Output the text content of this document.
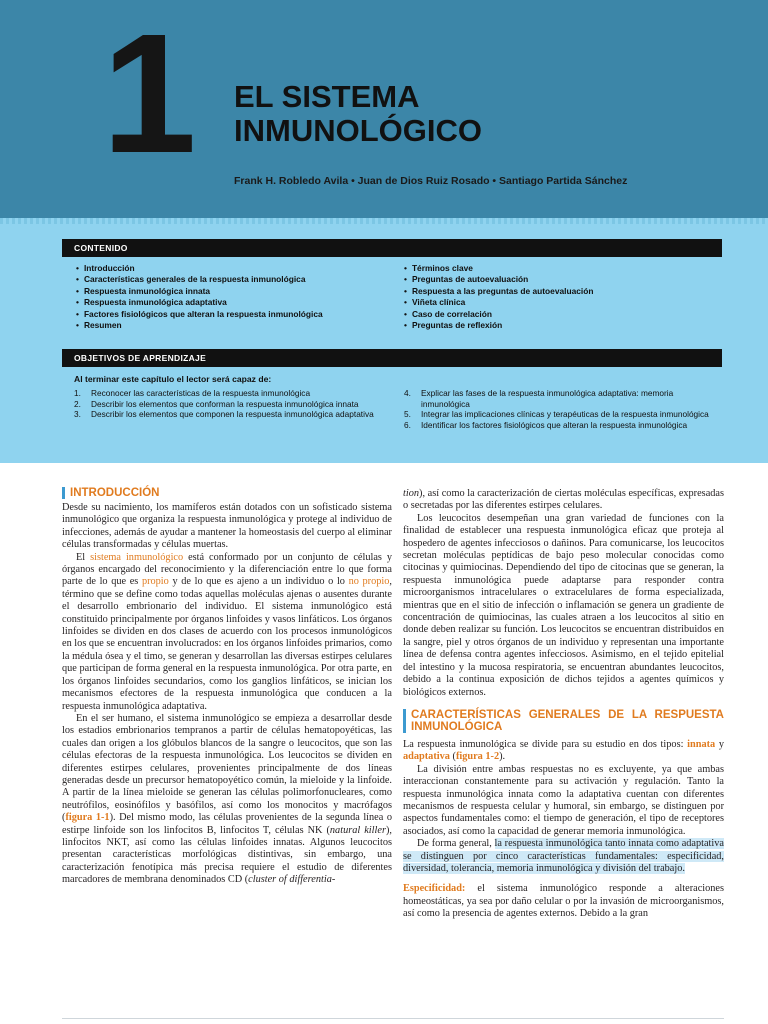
1 EL SISTEMA
INMUNOLÓGICO
Frank H. Robledo Avila • Juan de Dios Ruiz Rosado • Santiago Partida Sánchez
CONTENIDO
• Introducción
• Características generales de la respuesta inmunológica
• Respuesta inmunológica innata
• Respuesta inmunológica adaptativa
• Factores fisiológicos que alteran la respuesta inmunológica
• Resumen
• Términos clave
• Preguntas de autoevaluación
• Respuesta a las preguntas de autoevaluación
• Viñeta clínica
• Caso de correlación
• Preguntas de reflexión
OBJETIVOS DE APRENDIZAJE
Al terminar este capítulo el lector será capaz de:
1. Reconocer las características de la respuesta inmunológica
2. Describir los elementos que conforman la respuesta inmunológica innata
3. Describir los elementos que componen la respuesta inmunológica adaptativa
4. Explicar las fases de la respuesta inmunológica adaptativa: memoria inmunológica
5. Integrar las implicaciones clínicas y terapéuticas de la respuesta inmunológica
6. Identificar los factores fisiológicos que alteran la respuesta inmunológica
INTRODUCCIÓN

Desde su nacimiento, los mamíferos están dotados con un sofisticado sistema inmunológico que organiza la respuesta inmunológica y protege al individuo de infecciones, además de ayudar a mantener la homeostasis del cuerpo al eliminar células transformadas y células muertas.

El sistema inmunológico está conformado por un conjunto de células y órganos encargado del reconocimiento y la diferenciación entre lo que forma parte de lo que es propio y de lo que es ajeno a un individuo o lo no propio, término que se define como todas aquellas moléculas ajenas o ausentes durante el desarrollo embrionario del individuo. El sistema inmunológico está constituido principalmente por órganos linfoides y vasos linfáticos. Los órganos linfoides se dividen en dos clases de acuerdo con los procesos inmunológicos en los que se encuentran involucrados: en los órganos linfoides primarios, como la médula ósea y el timo, se generan y desarrollan las diversas estirpes celulares que participan de forma general en la respuesta inmunológica. Por otra parte, en los órganos linfoides secundarios, como los ganglios linfáticos, se inician los mecanismos efectores de la respuesta inmunológica que conducen a la respuesta inmunológica adaptativa.

En el ser humano, el sistema inmunológico se empieza a desarrollar desde los estadios embrionarios tempranos a partir de células hematopoyéticas, las cuales dan origen a los glóbulos blancos de la sangre o leucocitos, que son las células efectoras de la respuesta inmunológica. Los leucocitos se dividen en diferentes estirpes celulares, provenientes principalmente de dos líneas generadas desde un precursor hematopoyético común, la mieloide y la linfoide. A partir de la línea mieloide se generan las células polimorfonucleares, como neutrófilos, eosinófilos y basófilos, así como los monocitos y macrófagos (figura 1-1). Del mismo modo, las células provenientes de la segunda línea o estirpe linfoide son los linfocitos B, linfocitos T, células NK (natural killer), linfocitos NKT, así como las células linfoides innatas. Algunos leucocitos presentan características morfológicas distintivas, sin embargo, una caracterización fenotípica más precisa requiere el estudio de diferentes marcadores de membrana denominados CD (cluster of differentia-

tion), así como la caracterización de ciertas moléculas específicas, expresadas o secretadas por las diferentes estirpes celulares.

Los leucocitos desempeñan una gran variedad de funciones con la finalidad de establecer una respuesta inmunológica eficaz que proteja al hospedero de agentes infecciosos o dañinos. Para comunicarse, los leucocitos secretan moléculas peptídicas de bajo peso molecular conocidas como citocinas y quimiocinas. Dependiendo del tipo de citocinas que se generan, la respuesta inmunológica puede adaptarse para responder contra microorganismos intracelulares o extracelulares de forma especializada, mientras que en el sitio de infección o inflamación se genera un gradiente de concentración de quimiocinas, las cuales atraen a los leucocitos al sitio en donde deben realizar su función. Los leucocitos se encuentran distribuidos en la sangre, piel y otros órganos de un individuo y representan una importante línea de defensa contra agentes infecciosos. Asimismo, en el tejido epitelial del intestino y la mucosa respiratoria, se encuentran abundantes leucocitos, debido a la continua exposición de dichos tejidos a agentes químicos y biológicos externos.

CARACTERÍSTICAS GENERALES DE LA RESPUESTA INMUNOLÓGICA

La respuesta inmunológica se divide para su estudio en dos tipos: innata y adaptativa (figura 1-2).

La división entre ambas respuestas no es excluyente, ya que ambas interaccionan constantemente para su activación y regulación. Tanto la respuesta inmunológica innata como la adaptativa cuentan con diferentes mecanismos de respuesta celular y humoral, sin embargo, se distinguen por aspectos fundamentales como: el tiempo de generación, el tipo de receptores asociados, así como la capacidad de generar memoria inmunológica.

De forma general, la respuesta inmunológica tanto innata como adaptativa se distinguen por cinco características fundamentales: especificidad, diversidad, tolerancia, memoria inmunológica y división del trabajo.

Especificidad: el sistema inmunológico responde a alteraciones homeostáticas, ya sea por daño celular o por la invasión de microorganismos, así como la presencia de agentes externos. Debido a la gran
